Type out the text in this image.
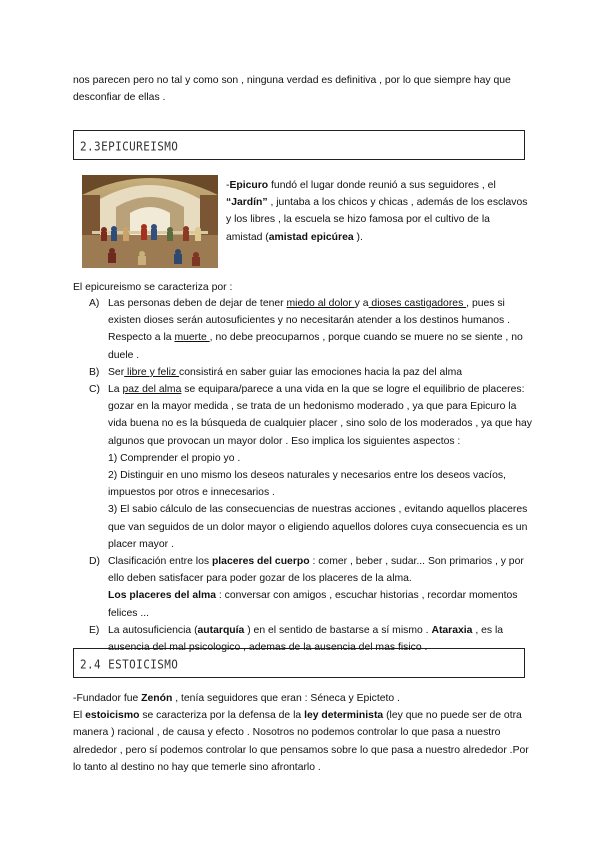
nos parecen pero no tal y como son , ninguna verdad es definitiva , por lo que siempre hay que desconfiar de ellas .
2.3EPICUREISMO
-Epicuro fundó el lugar donde reunió a sus seguidores , el “Jardín” , juntaba a los chicos y chicas , además de los esclavos y los libres , la escuela se hizo famosa por el cultivo de la amistad (amistad epicúrea ).
El epicureismo se caracteriza por :
A) Las personas deben de dejar de tener miedo al dolor y a dioses castigadores , pues si existen dioses serán autosuficientes y no necesitarán atender a los destinos humanos . Respecto a la muerte , no debe preocuparnos , porque cuando se muere no se siente , no duele .
B) Ser libre y feliz consistirá en saber guiar las emociones hacia la paz del alma
C) La paz del alma se equipara/parece a una vida en la que se logre el equilibrio de placeres: gozar en la mayor medida , se trata de un hedonismo moderado , ya que para Epicuro la vida buena no es la búsqueda de cualquier placer , sino solo de los moderados , ya que hay algunos que provocan un mayor dolor . Eso implica los siguientes aspectos :
1) Comprender el propio yo .
2) Distinguir en uno mismo los deseos naturales y necesarios entre los deseos vacíos, impuestos por otros e innecesarios .
3) El sabio cálculo de las consecuencias de nuestras acciones , evitando aquellos placeres que van seguidos de un dolor mayor o eligiendo aquellos dolores cuya consecuencia es un placer mayor .
D) Clasificación entre los placeres del cuerpo : comer , beber , sudar... Son primarios , y por ello deben satisfacer para poder gozar de los placeres de la alma.
Los placeres del alma : conversar con amigos , escuchar historias , recordar momentos felices ...
E) La autosuficiencia (autarquía ) en el sentido de bastarse a sí mismo . Ataraxia , es la ausencia del mal psicologico , ademas de la ausencia del mas fisico .
2.4 ESTOICISMO
-Fundador fue Zenón , tenía seguidores que eran : Séneca y Epicteto .
El estoicismo se caracteriza por la defensa de la ley determinista (ley que no puede ser de otra manera ) racional , de causa y efecto . Nosotros no podemos controlar lo que pasa a nuestro alrededor , pero sí podemos controlar lo que pensamos sobre lo que pasa a nuestro alrededor .Por lo tanto al destino no hay que temerle sino afrontarlo .
